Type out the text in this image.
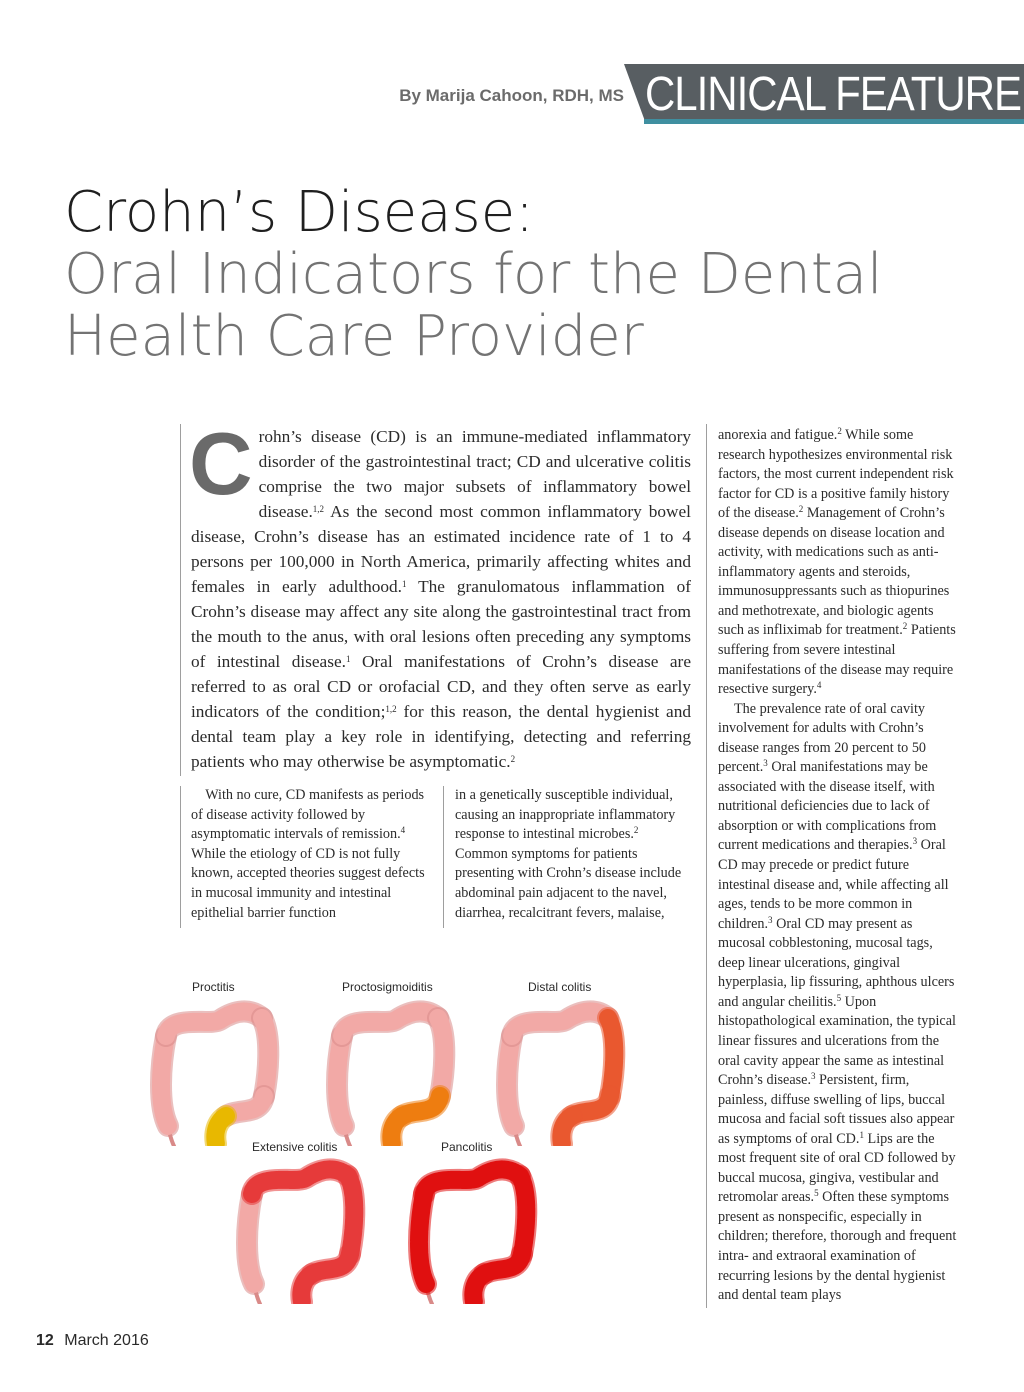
By Marija Cahoon, RDH, MS CLINICAL FEATURE
Crohn’s Disease:
Oral Indicators for the Dental
Health Care Provider
C rohn’s disease (CD) is an immune-mediated inflammatory disorder of the gastrointestinal tract; CD and ulcerative colitis comprise the two major subsets of inflammatory bowel disease.$^{1,2}$ As the second most common inflammatory bowel disease, Crohn’s disease has an estimated incidence rate of 1 to 4 persons per 100,000 in North America, primarily affecting whites and females in early adulthood.$^1$ The granulomatous inflammation of Crohn’s disease may affect any site along the gastrointestinal tract from the mouth to the anus, with oral lesions often preceding any symptoms of intestinal disease.$^1$ Oral manifestations of Crohn’s disease are referred to as oral CD or orofacial CD, and they often serve as early indicators of the condition;$^{1,2}$ for this reason, the dental hygienist and dental team play a key role in identifying, detecting and referring patients who may otherwise be asymptomatic.$^2$
With no cure, CD manifests as periods of disease activity followed by asymptomatic intervals of remission.$^4$ While the etiology of CD is not fully known, accepted theories suggest defects in mucosal immunity and intestinal epithelial barrier function
in a genetically susceptible individual, causing an inappropriate inflammatory response to intestinal microbes.$^2$ Common symptoms for patients presenting with Crohn’s disease include abdominal pain adjacent to the navel, diarrhea, recalcitrant fevers, malaise,

anorexia and fatigue.$^2$ While some research hypothesizes environmental risk factors, the most current independent risk factor for CD is a positive family history of the disease.$^2$ Management of Crohn’s disease depends on disease location and activity, with medications such as anti-inflammatory agents and steroids, immunosuppressants such as thiopurines and methotrexate, and biologic agents such as infliximab for treatment.$^2$ Patients suffering from severe intestinal manifestations of the disease may require resective surgery.$^4$

The prevalence rate of oral cavity involvement for adults with Crohn’s disease ranges from 20 percent to 50 percent.$^3$ Oral manifestations may be associated with the disease itself, with nutritional deficiencies due to lack of absorption or with complications from current medications and therapies.$^3$ Oral CD may precede or predict future intestinal disease and, while affecting all ages, tends to be more common in children.$^3$ Oral CD may present as mucosal cobblestoning, mucosal tags, deep linear ulcerations, gingival hyperplasia, lip fissuring, aphthous ulcers and angular cheilitis.$^5$ Upon histopathological examination, the typical linear fissures and ulcerations from the oral cavity appear the same as intestinal Crohn’s disease.$^3$ Persistent, firm, painless, diffuse swelling of lips, buccal mucosa and facial soft tissues also appear as symptoms of oral CD.$^1$ Lips are the most frequent site of oral CD followed by buccal mucosa, gingiva, vestibular and retromolar areas.$^5$ Often these symptoms present as nonspecific, especially in children; therefore, thorough and frequent intra- and extraoral examination of recurring lesions by the dental hygienist and dental team plays

Proctitis	Proctosigmoiditis	Distal colitis
Extensive colitis	Pancolitis
12 March 2016
